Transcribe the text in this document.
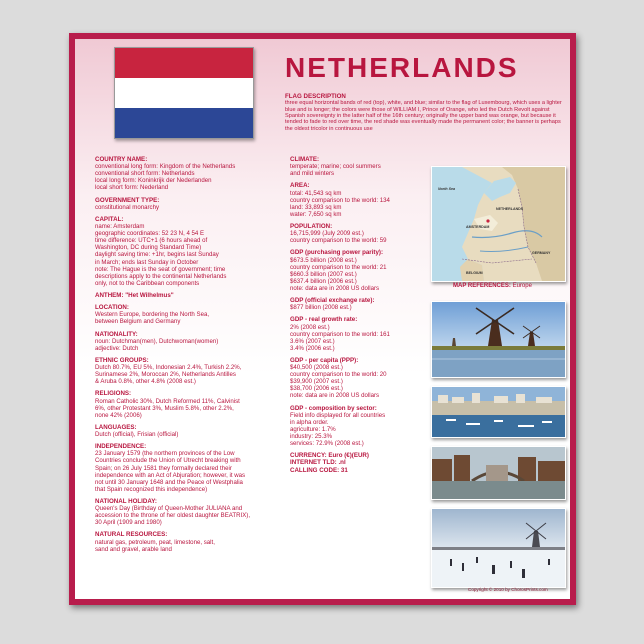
NETHERLANDS
FLAG DESCRIPTION
three equal horizontal bands of red (top), white, and blue; similar to the flag of Luxembourg, which uses a lighter blue and is longer; the colors were those of WILLIAM I, Prince of Orange, who led the Dutch Revolt against Spanish sovereignty in the latter half of the 16th century; originally the upper band was orange, but because it tended to fade to red over time, the red shade was eventually made the permanent color; the banner is perhaps the oldest tricolor in continuous use
COUNTRY NAME:
conventional long form: Kingdom of the Netherlands
conventional short form: Netherlands
local long form: Koninkrijk der Nederlanden
local short form: Nederland
GOVERNMENT TYPE:
constitutional monarchy
CAPITAL:
name: Amsterdam
geographic coordinates: 52 23 N, 4 54 E
time difference: UTC+1 (6 hours ahead of
Washington, DC during Standard Time)
daylight saving time: +1hr, begins last Sunday
in March; ends last Sunday in October
note: The Hague is the seat of government; time
descriptions apply to the continental Netherlands
only, not to the Caribbean components
ANTHEM: "Het Wilhelmus"
LOCATION:
Western Europe, bordering the North Sea,
between Belgium and Germany
NATIONALITY:
noun: Dutchman(men), Dutchwoman(women)
adjective: Dutch
ETHNIC GROUPS:
Dutch 80.7%, EU 5%, Indonesian 2.4%, Turkish 2.2%,
Surinamese 2%, Moroccan 2%, Netherlands Antilles
& Aruba 0.8%, other 4.8% (2008 est.)
RELIGIONS:
Roman Catholic 30%, Dutch Reformed 11%, Calvinist
6%, other Protestant 3%, Muslim 5.8%, other 2.2%,
none 42% (2006)
LANGUAGES:
Dutch (official), Frisian (official)
INDEPENDENCE:
23 January 1579 (the northern provinces of the Low
Countries conclude the Union of Utrecht breaking with
Spain; on 26 July 1581 they formally declared their
independence with an Act of Abjuration; however, it was
not until 30 January 1648 and the Peace of Westphalia
that Spain recognized this independence)
NATIONAL HOLIDAY:
Queen's Day (Birthday of Queen-Mother JULIANA and
accession to the throne of her oldest daughter BEATRIX),
30 April (1909 and 1980)
NATURAL RESOURCES:
natural gas, petroleum, peat, limestone, salt,
sand and gravel, arable land
CLIMATE:
temperate; marine; cool summers
and mild winters
AREA:
total: 41,543 sq km
country comparison to the world: 134
land: 33,893 sq km
water: 7,650 sq km
POPULATION:
16,715,999 (July 2009 est.)
country comparison to the world: 59
GDP (purchasing power parity):
$673.5 billion (2008 est.)
country comparison to the world: 21
$660.3 billion (2007 est.)
$637.4 billion (2006 est.)
note: data are in 2008 US dollars
GDP (official exchange rate):
$877 billion (2008 est.)
GDP - real growth rate:
2% (2008 est.)
country comparison to the world: 161
3.6% (2007 est.)
3.4% (2006 est.)
GDP - per capita (PPP):
$40,500 (2008 est.)
country comparison to the world: 20
$39,900 (2007 est.)
$38,700 (2006 est.)
note: data are in 2008 US dollars
GDP - composition by sector:
Field info displayed for all countries
in alpha order.
agriculture: 1.7%
industry: 25.3%
services: 72.9% (2008 est.)
CURRENCY: Euro (€)(EUR)
INTERNET TLD: .nl
CALLING CODE: 31
North Sea
NETHERLANDS
AMSTERDAM
BELGIUM
GERMANY
MAP REFERENCES: Europe
Copyright © 2010 by ChorosPrints.com
